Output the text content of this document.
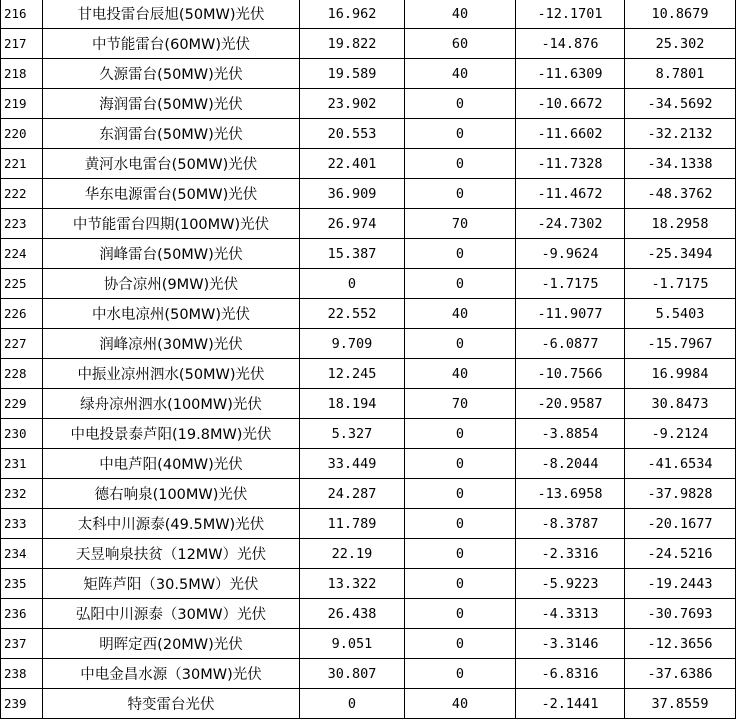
216	甘电投雷台辰旭(50MW)光伏	16.962	40	-12.1701	10.8679
217	中节能雷台(60MW)光伏	19.822	60	-14.876	25.302
218	久源雷台(50MW)光伏	19.589	40	-11.6309	8.7801
219	海润雷台(50MW)光伏	23.902	0	-10.6672	-34.5692
220	东润雷台(50MW)光伏	20.553	0	-11.6602	-32.2132
221	黄河水电雷台(50MW)光伏	22.401	0	-11.7328	-34.1338
222	华东电源雷台(50MW)光伏	36.909	0	-11.4672	-48.3762
223	中节能雷台四期(100MW)光伏	26.974	70	-24.7302	18.2958
224	润峰雷台(50MW)光伏	15.387	0	-9.9624	-25.3494
225	协合凉州(9MW)光伏	0	0	-1.7175	-1.7175
226	中水电凉州(50MW)光伏	22.552	40	-11.9077	5.5403
227	润峰凉州(30MW)光伏	9.709	0	-6.0877	-15.7967
228	中振业凉州泗水(50MW)光伏	12.245	40	-10.7566	16.9984
229	绿舟凉州泗水(100MW)光伏	18.194	70	-20.9587	30.8473
230	中电投景泰芦阳(19.8MW)光伏	5.327	0	-3.8854	-9.2124
231	中电芦阳(40MW)光伏	33.449	0	-8.2044	-41.6534
232	德右响泉(100MW)光伏	24.287	0	-13.6958	-37.9828
233	太科中川源泰(49.5MW)光伏	11.789	0	-8.3787	-20.1677
234	天昱响泉扶贫（12MW）光伏	22.19	0	-2.3316	-24.5216
235	矩阵芦阳（30.5MW）光伏	13.322	0	-5.9223	-19.2443
236	弘阳中川源泰（30MW）光伏	26.438	0	-4.3313	-30.7693
237	明晖定西(20MW)光伏	9.051	0	-3.3146	-12.3656
238	中电金昌水源（30MW)光伏	30.807	0	-6.8316	-37.6386
239	特变雷台光伏	0	40	-2.1441	37.8559
